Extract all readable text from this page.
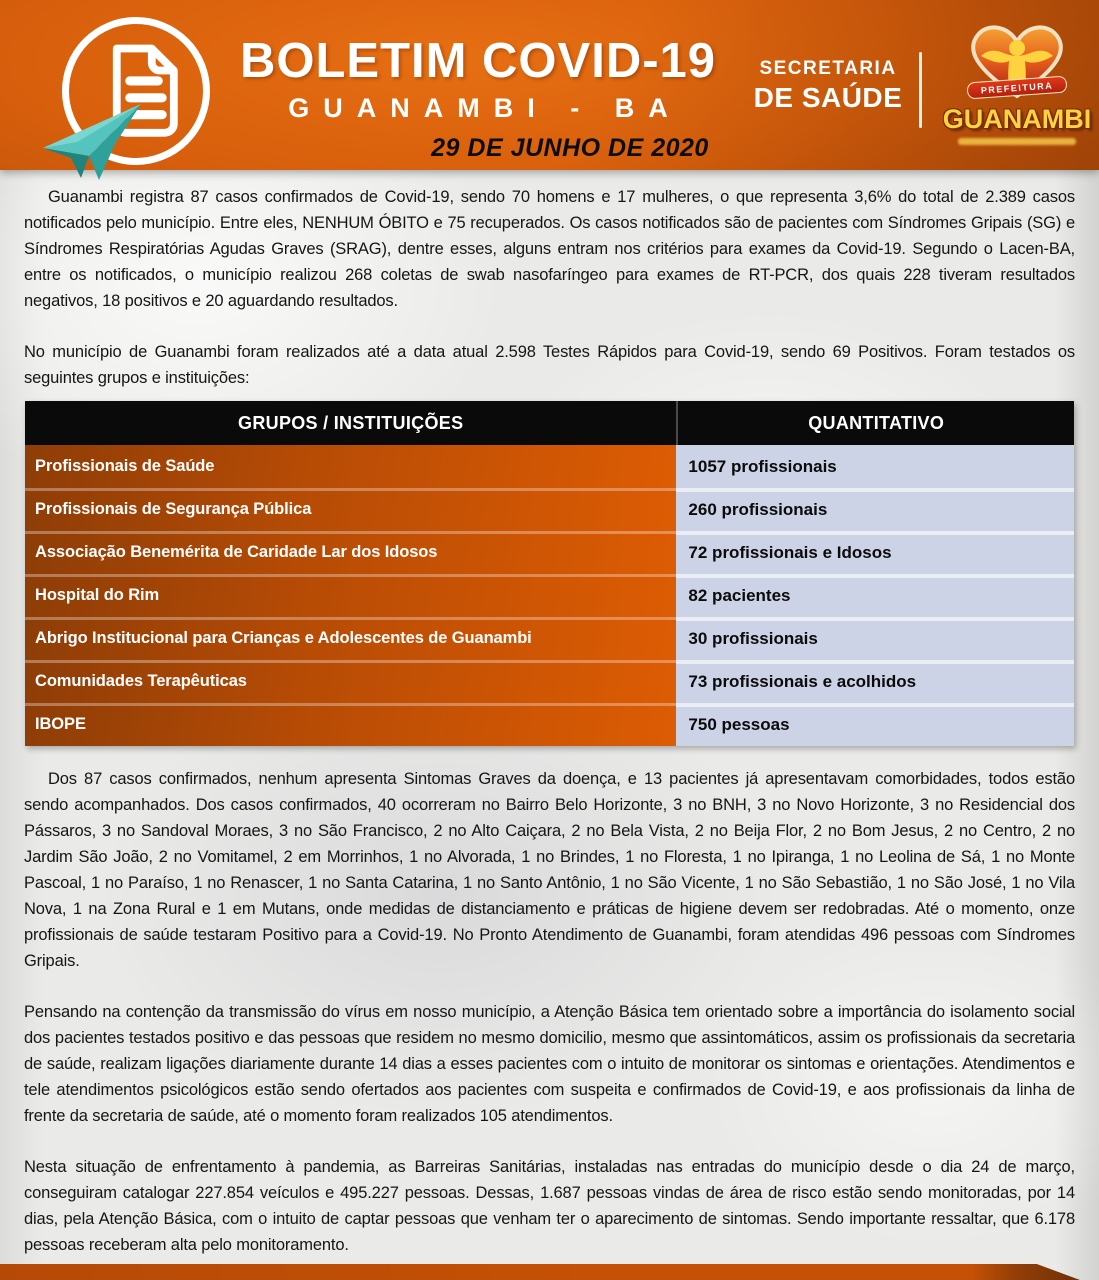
BOLETIM COVID-19
GUANAMBI - BA
SECRETARIA
DE SAÚDE	PREFEITURA
GUANAMBI
29 DE JUNHO DE 2020

Guanambi registra 87 casos confirmados de Covid-19, sendo 70 homens e 17 mulheres, o que representa 3,6% do total de 2.389 casos notificados pelo município. Entre eles, NENHUM ÓBITO e 75 recuperados. Os casos notificados são de pacientes com Síndromes Gripais (SG) e Síndromes Respiratórias Agudas Graves (SRAG), dentre esses, alguns entram nos critérios para exames da Covid-19. Segundo o Lacen-BA, entre os notificados, o município realizou 268 coletas de swab nasofaríngeo para exames de RT-PCR, dos quais 228 tiveram resultados negativos, 18 positivos e 20 aguardando resultados.

No município de Guanambi foram realizados até a data atual 2.598 Testes Rápidos para Covid-19, sendo 69 Positivos. Foram testados os seguintes grupos e instituições:

GRUPOS / INSTITUIÇÕES	QUANTITATIVO
Profissionais de Saúde	1057 profissionais
Profissionais de Segurança Pública	260 profissionais
Associação Benemérita de Caridade Lar dos Idosos	72 profissionais e Idosos
Hospital do Rim	82 pacientes
Abrigo Institucional para Crianças e Adolescentes de Guanambi	30 profissionais
Comunidades Terapêuticas	73 profissionais e acolhidos
IBOPE	750 pessoas

Dos 87 casos confirmados, nenhum apresenta Sintomas Graves da doença, e 13 pacientes já apresentavam comorbidades, todos estão sendo acompanhados. Dos casos confirmados, 40 ocorreram no Bairro Belo Horizonte, 3 no BNH, 3 no Novo Horizonte, 3 no Residencial dos Pássaros, 3 no Sandoval Moraes, 3 no São Francisco, 2 no Alto Caiçara, 2 no Bela Vista, 2 no Beija Flor, 2 no Bom Jesus, 2 no Centro, 2 no Jardim São João, 2 no Vomitamel, 2 em Morrinhos, 1 no Alvorada, 1 no Brindes, 1 no Floresta, 1 no Ipiranga, 1 no Leolina de Sá, 1 no Monte Pascoal, 1 no Paraíso, 1 no Renascer, 1 no Santa Catarina, 1 no Santo Antônio, 1 no São Vicente, 1 no São Sebastião, 1 no São José, 1 no Vila Nova, 1 na Zona Rural e 1 em Mutans, onde medidas de distanciamento e práticas de higiene devem ser redobradas. Até o momento, onze profissionais de saúde testaram Positivo para a Covid-19. No Pronto Atendimento de Guanambi, foram atendidas 496 pessoas com Síndromes Gripais.

Pensando na contenção da transmissão do vírus em nosso município, a Atenção Básica tem orientado sobre a importância do isolamento social dos pacientes testados positivo e das pessoas que residem no mesmo domicilio, mesmo que assintomáticos, assim os profissionais da secretaria de saúde, realizam ligações diariamente durante 14 dias a esses pacientes com o intuito de monitorar os sintomas e orientações. Atendimentos e tele atendimentos psicológicos estão sendo ofertados aos pacientes com suspeita e confirmados de Covid-19, e aos profissionais da linha de frente da secretaria de saúde, até o momento foram realizados 105 atendimentos.

Nesta situação de enfrentamento à pandemia, as Barreiras Sanitárias, instaladas nas entradas do município desde o dia 24 de março, conseguiram catalogar 227.854 veículos e 495.227 pessoas. Dessas, 1.687 pessoas vindas de área de risco estão sendo monitoradas, por 14 dias, pela Atenção Básica, com o intuito de captar pessoas que venham ter o aparecimento de sintomas. Sendo importante ressaltar, que 6.178 pessoas receberam alta pelo monitoramento.
